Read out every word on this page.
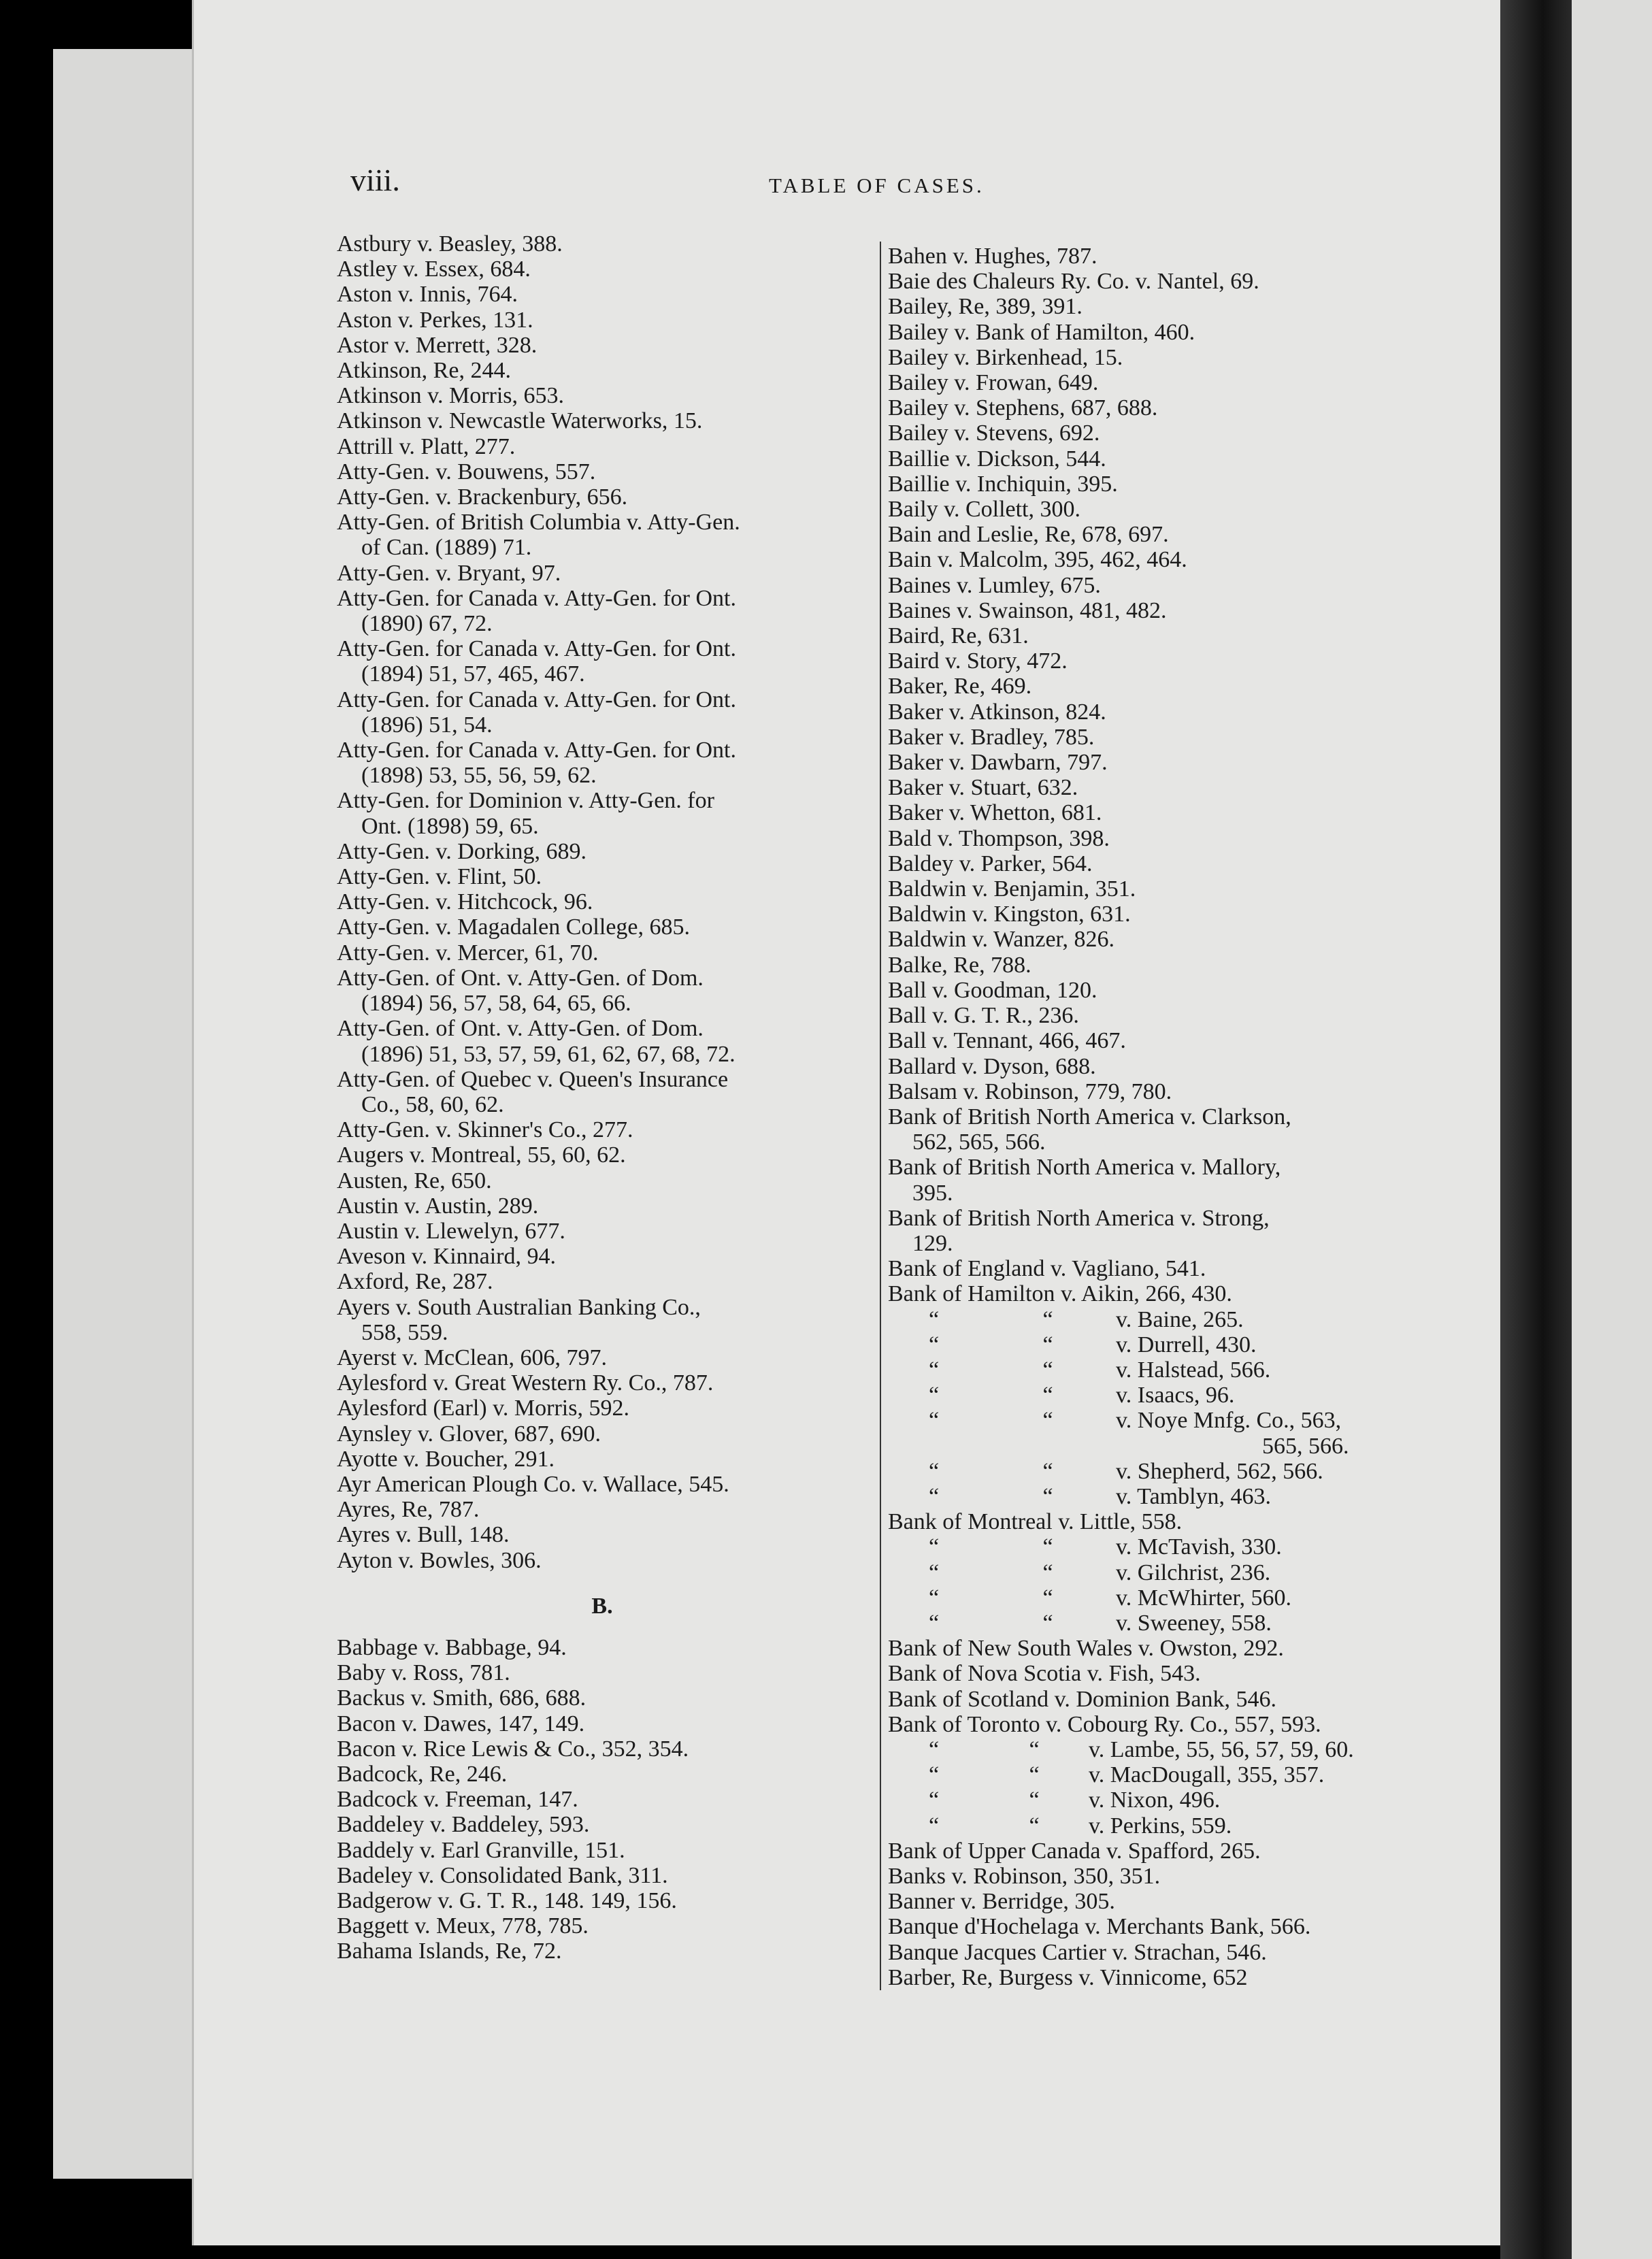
viii.	TABLE OF CASES.
Astbury v. Beasley, 388.
Astley v. Essex, 684.
Aston v. Innis, 764.
Aston v. Perkes, 131.
Astor v. Merrett, 328.
Atkinson, Re, 244.
Atkinson v. Morris, 653.
Atkinson v. Newcastle Waterworks, 15.
Attrill v. Platt, 277.
Atty-Gen. v. Bouwens, 557.
Atty-Gen. v. Brackenbury, 656.
Atty-Gen. of British Columbia v. Atty-Gen.
of Can. (1889) 71.
Atty-Gen. v. Bryant, 97.
Atty-Gen. for Canada v. Atty-Gen. for Ont.
(1890) 67, 72.
Atty-Gen. for Canada v. Atty-Gen. for Ont.
(1894) 51, 57, 465, 467.
Atty-Gen. for Canada v. Atty-Gen. for Ont.
(1896) 51, 54.
Atty-Gen. for Canada v. Atty-Gen. for Ont.
(1898) 53, 55, 56, 59, 62.
Atty-Gen. for Dominion v. Atty-Gen. for
Ont. (1898) 59, 65.
Atty-Gen. v. Dorking, 689.
Atty-Gen. v. Flint, 50.
Atty-Gen. v. Hitchcock, 96.
Atty-Gen. v. Magadalen College, 685.
Atty-Gen. v. Mercer, 61, 70.
Atty-Gen. of Ont. v. Atty-Gen. of Dom.
(1894) 56, 57, 58, 64, 65, 66.
Atty-Gen. of Ont. v. Atty-Gen. of Dom.
(1896) 51, 53, 57, 59, 61, 62, 67, 68, 72.
Atty-Gen. of Quebec v. Queen's Insurance
Co., 58, 60, 62.
Atty-Gen. v. Skinner's Co., 277.
Augers v. Montreal, 55, 60, 62.
Austen, Re, 650.
Austin v. Austin, 289.
Austin v. Llewelyn, 677.
Aveson v. Kinnaird, 94.
Axford, Re, 287.
Ayers v. South Australian Banking Co.,
558, 559.
Ayerst v. McClean, 606, 797.
Aylesford v. Great Western Ry. Co., 787.
Aylesford (Earl) v. Morris, 592.
Aynsley v. Glover, 687, 690.
Ayotte v. Boucher, 291.
Ayr American Plough Co. v. Wallace, 545.
Ayres, Re, 787.
Ayres v. Bull, 148.
Ayton v. Bowles, 306.
B.
Babbage v. Babbage, 94.
Baby v. Ross, 781.
Backus v. Smith, 686, 688.
Bacon v. Dawes, 147, 149.
Bacon v. Rice Lewis & Co., 352, 354.
Badcock, Re, 246.
Badcock v. Freeman, 147.
Baddeley v. Baddeley, 593.
Baddely v. Earl Granville, 151.
Badeley v. Consolidated Bank, 311.
Badgerow v. G. T. R., 148. 149, 156.
Baggett v. Meux, 778, 785.
Bahama Islands, Re, 72.
Bahen v. Hughes, 787.
Baie des Chaleurs Ry. Co. v. Nantel, 69.
Bailey, Re, 389, 391.
Bailey v. Bank of Hamilton, 460.
Bailey v. Birkenhead, 15.
Bailey v. Frowan, 649.
Bailey v. Stephens, 687, 688.
Bailey v. Stevens, 692.
Baillie v. Dickson, 544.
Baillie v. Inchiquin, 395.
Baily v. Collett, 300.
Bain and Leslie, Re, 678, 697.
Bain v. Malcolm, 395, 462, 464.
Baines v. Lumley, 675.
Baines v. Swainson, 481, 482.
Baird, Re, 631.
Baird v. Story, 472.
Baker, Re, 469.
Baker v. Atkinson, 824.
Baker v. Bradley, 785.
Baker v. Dawbarn, 797.
Baker v. Stuart, 632.
Baker v. Whetton, 681.
Bald v. Thompson, 398.
Baldey v. Parker, 564.
Baldwin v. Benjamin, 351.
Baldwin v. Kingston, 631.
Baldwin v. Wanzer, 826.
Balke, Re, 788.
Ball v. Goodman, 120.
Ball v. G. T. R., 236.
Ball v. Tennant, 466, 467.
Ballard v. Dyson, 688.
Balsam v. Robinson, 779, 780.
Bank of British North America v. Clarkson,
562, 565, 566.
Bank of British North America v. Mallory,
395.
Bank of British North America v. Strong,
129.
Bank of England v. Vagliano, 541.
Bank of Hamilton v. Aikin, 266, 430.
“	“	v. Baine, 265.
“	“	v. Durrell, 430.
“	“	v. Halstead, 566.
“	“	v. Isaacs, 96.
“	“	v. Noye Mnfg. Co., 563,
565, 566.
“	“	v. Shepherd, 562, 566.
“	“	v. Tamblyn, 463.
Bank of Montreal v. Little, 558.
“	“	v. McTavish, 330.
“	“	v. Gilchrist, 236.
“	“	v. McWhirter, 560.
“	“	v. Sweeney, 558.
Bank of New South Wales v. Owston, 292.
Bank of Nova Scotia v. Fish, 543.
Bank of Scotland v. Dominion Bank, 546.
Bank of Toronto v. Cobourg Ry. Co., 557, 593.
“	“ v. Lambe, 55, 56, 57, 59, 60.
“	“ v. MacDougall, 355, 357.
“	“ v. Nixon, 496.
“	“ v. Perkins, 559.
Bank of Upper Canada v. Spafford, 265.
Banks v. Robinson, 350, 351.
Banner v. Berridge, 305.
Banque d'Hochelaga v. Merchants Bank, 566.
Banque Jacques Cartier v. Strachan, 546.
Barber, Re, Burgess v. Vinnicome, 652
